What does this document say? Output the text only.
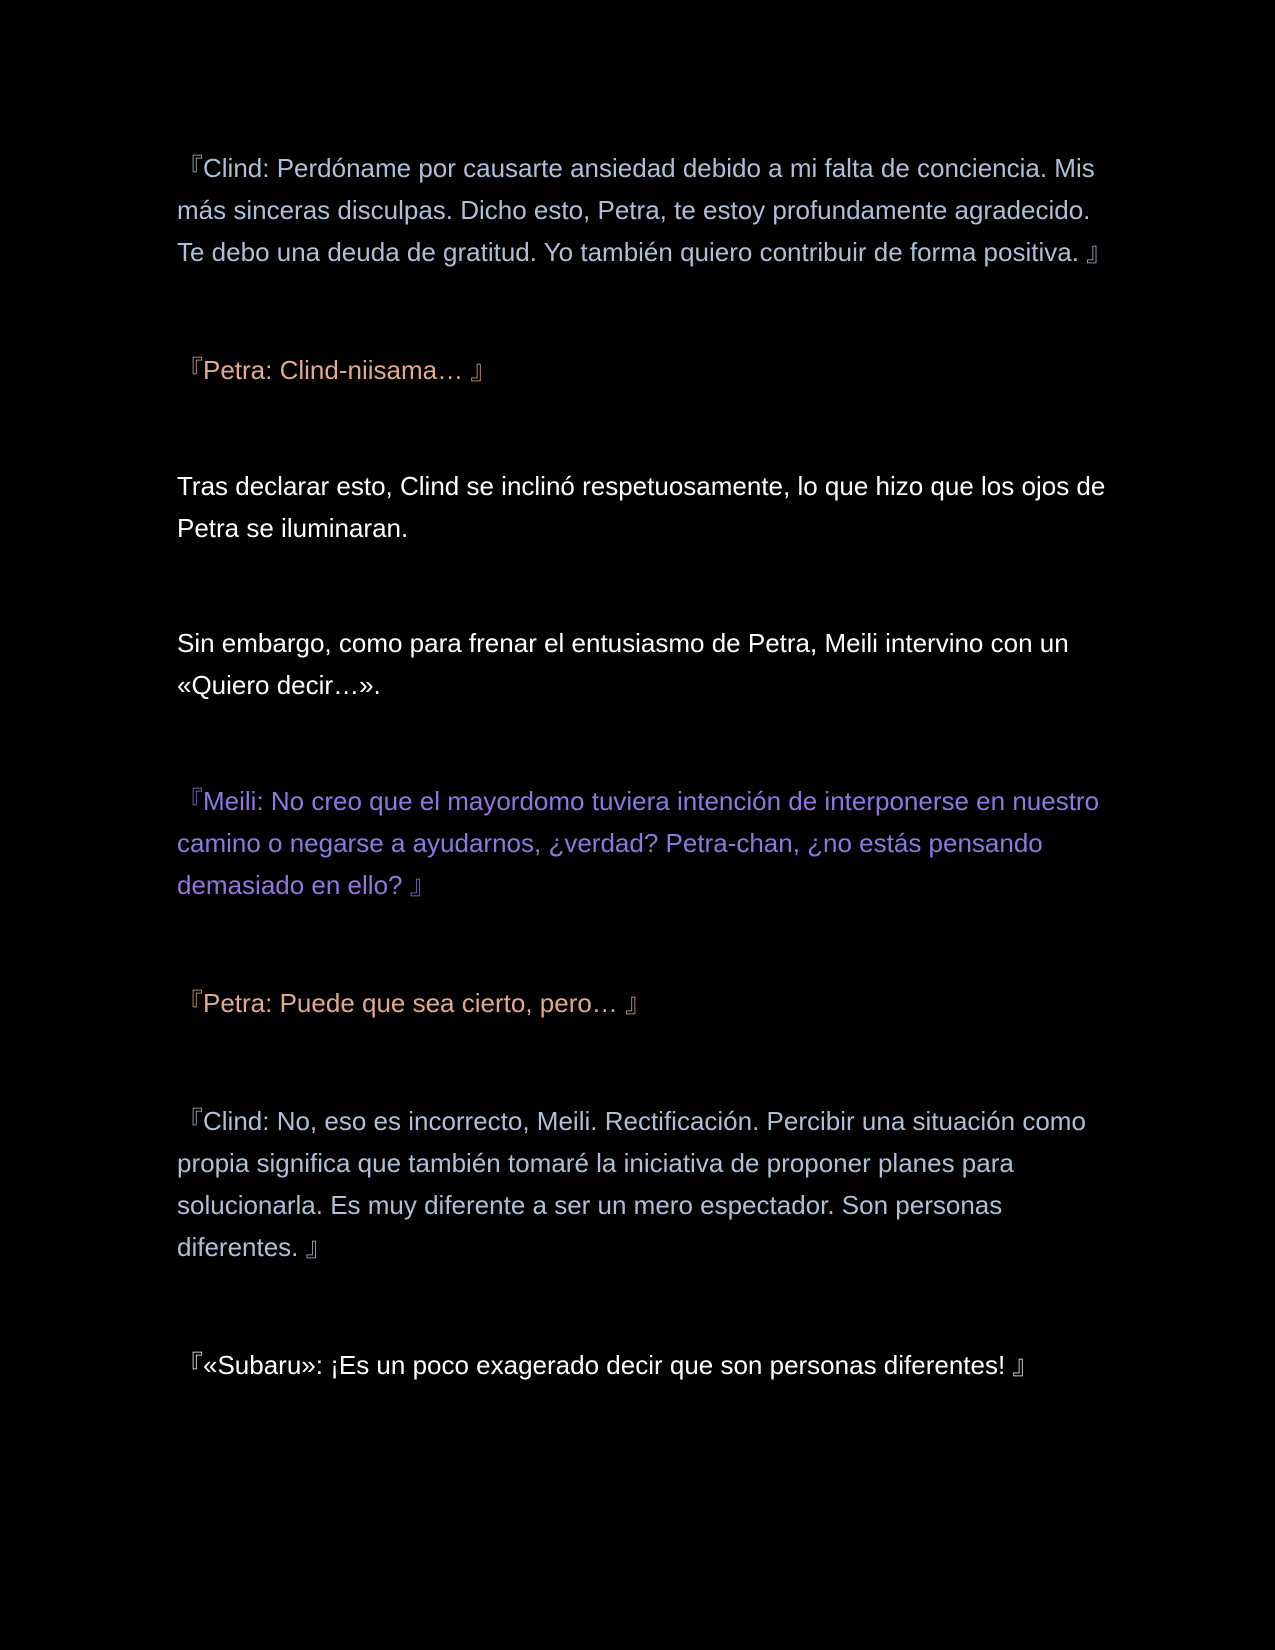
『Clind: Perdóname por causarte ansiedad debido a mi falta de conciencia. Mis más sinceras disculpas. Dicho esto, Petra, te estoy profundamente agradecido. Te debo una deuda de gratitud. Yo también quiero contribuir de forma positiva. 』

『Petra: Clind-niisama… 』

Tras declarar esto, Clind se inclinó respetuosamente, lo que hizo que los ojos de Petra se iluminaran.

Sin embargo, como para frenar el entusiasmo de Petra, Meili intervino con un «Quiero decir…».

『Meili: No creo que el mayordomo tuviera intención de interponerse en nuestro camino o negarse a ayudarnos, ¿verdad? Petra-chan, ¿no estás pensando demasiado en ello? 』

『Petra: Puede que sea cierto, pero… 』

『Clind: No, eso es incorrecto, Meili. Rectificación. Percibir una situación como propia significa que también tomaré la iniciativa de proponer planes para solucionarla. Es muy diferente a ser un mero espectador. Son personas diferentes. 』

『«Subaru»: ¡Es un poco exagerado decir que son personas diferentes! 』
